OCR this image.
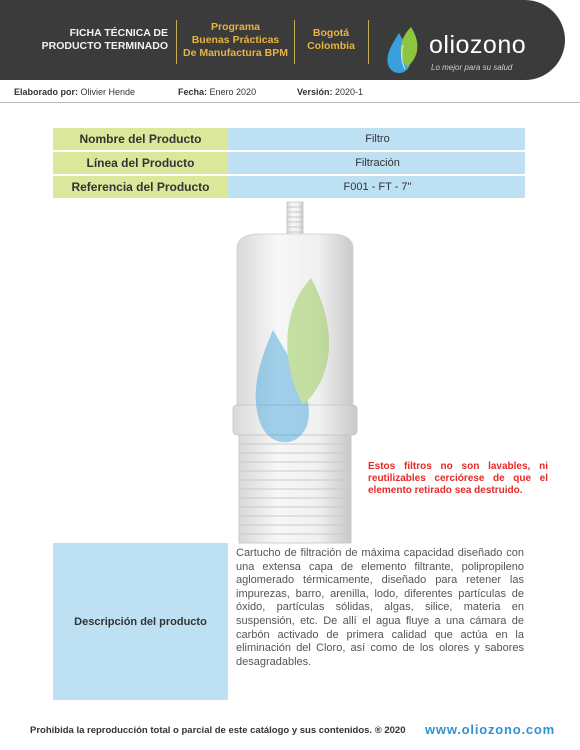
FICHA TÉCNICA DE
PRODUCTO TERMINADO
Programa
Buenas Prácticas
De Manufactura BPM
Bogotá
Colombia	oliozono
Lo mejor para su salud
Elaborado por: Olivier Hende	Fecha: Enero 2020	Versión: 2020-1
Nombre del Producto	Filtro
Línea del Producto	Filtración
Referencia del Producto	F001 - FT - 7"
Estos filtros no son lavables, ni reutilizables cerciórese de que el elemento retirado sea destruido.
Descripción del producto
Cartucho de filtración de máxima capacidad diseñado con una extensa capa de elemento filtrante, polipropileno aglomerado térmicamente, diseñado para retener las impurezas, barro, arenilla, lodo, diferentes partículas de óxido, partículas sólidas, algas, silice, materia en suspensión, etc. De allí el agua fluye a una cámara de carbón activado de primera calidad que actúa en la eliminación del Cloro, así como de los olores y sabores desagradables.
Prohibida la reproducción total o parcial de este catálogo y sus contenidos. ® 2020 www.oliozono.com
